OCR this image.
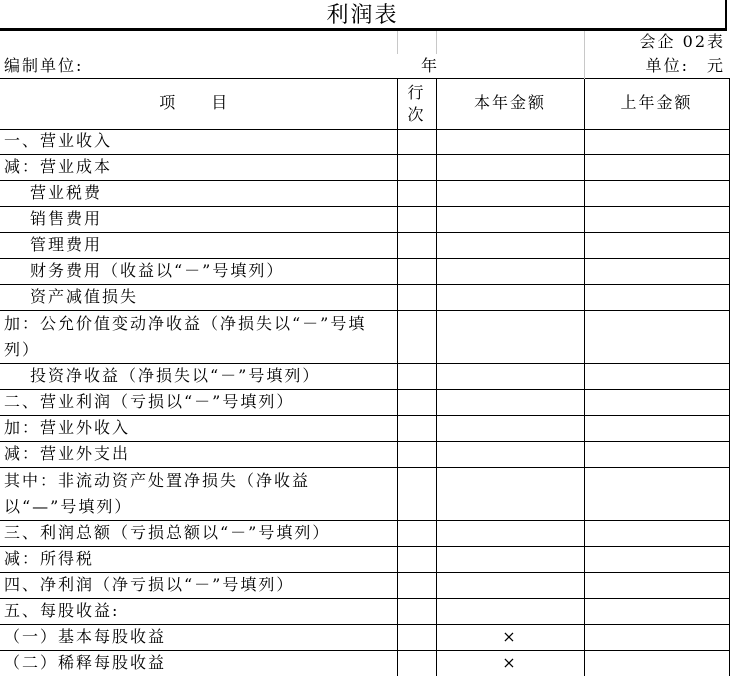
利润表
			会企 02表
编制单位:	年		单位:　元
项　目	行次	本年金额	上年金额
一、营业收入			
减：营业成本			
营业税费			
销售费用			
管理费用			
财务费用（收益以“－”号填列）			
资产减值损失			
加：公允价值变动净收益（净损失以“－”号填列）			
投资净收益（净损失以“－”号填列）			
二、营业利润（亏损以“－”号填列）			
加：营业外收入			
减：营业外支出			
其中：非流动资产处置净损失（净收益以“—”号填列）			
三、利润总额（亏损总额以“－”号填列）			
减：所得税			
四、净利润（净亏损以“－”号填列）			
五、每股收益:			
（一）基本每股收益		×	
（二）稀释每股收益		×	
